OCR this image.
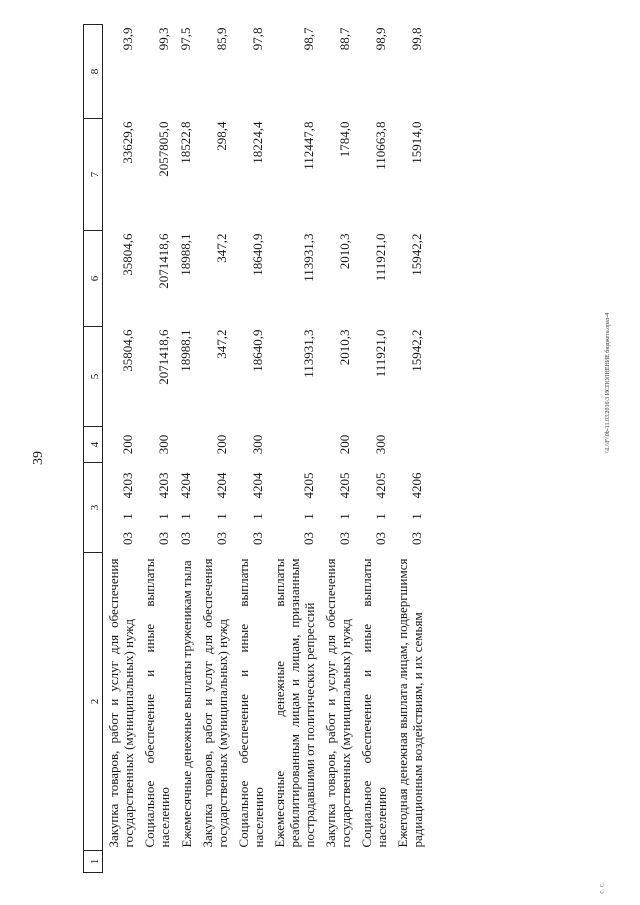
39
\\L\\F\\0b-11.03.2016\3 ИСПОЛНЕНИЕ бюджета.ораз-4
с. с.
1	2	3			4	5	6	7	8
	Закупка товаров, работ и услуг для обеспечения государственных (муниципальных) нужд	03	1	4203	200	35804,6	35804,6	33629,6	93,9
	Социальное обеспечение и иные выплаты населению	03	1	4203	300	2071418,6	2071418,6	2057805,0	99,3
	Ежемесячные денежные выплаты труженикам тыла	03	1	4204		18988,1	18988,1	18522,8	97,5
	Закупка товаров, работ и услуг для обеспечения государственных (муниципальных) нужд	03	1	4204	200	347,2	347,2	298,4	85,9
	Социальное обеспечение и иные выплаты населению	03	1	4204	300	18640,9	18640,9	18224,4	97,8
	Ежемесячные денежные выплаты реабилитированным лицам и лицам, признанным пострадавшими от политических репрессий	03	1	4205		113931,3	113931,3	112447,8	98,7
	Закупка товаров, работ и услуг для обеспечения государственных (муниципальных) нужд	03	1	4205	200	2010,3	2010,3	1784,0	88,7
	Социальное обеспечение и иные выплаты населению	03	1	4205	300	111921,0	111921,0	110663,8	98,9
	Ежегодная денежная выплата лицам, подвергшимся радиационным воздействиям, и их семьям	03	1	4206		15942,2	15942,2	15914,0	99,8
